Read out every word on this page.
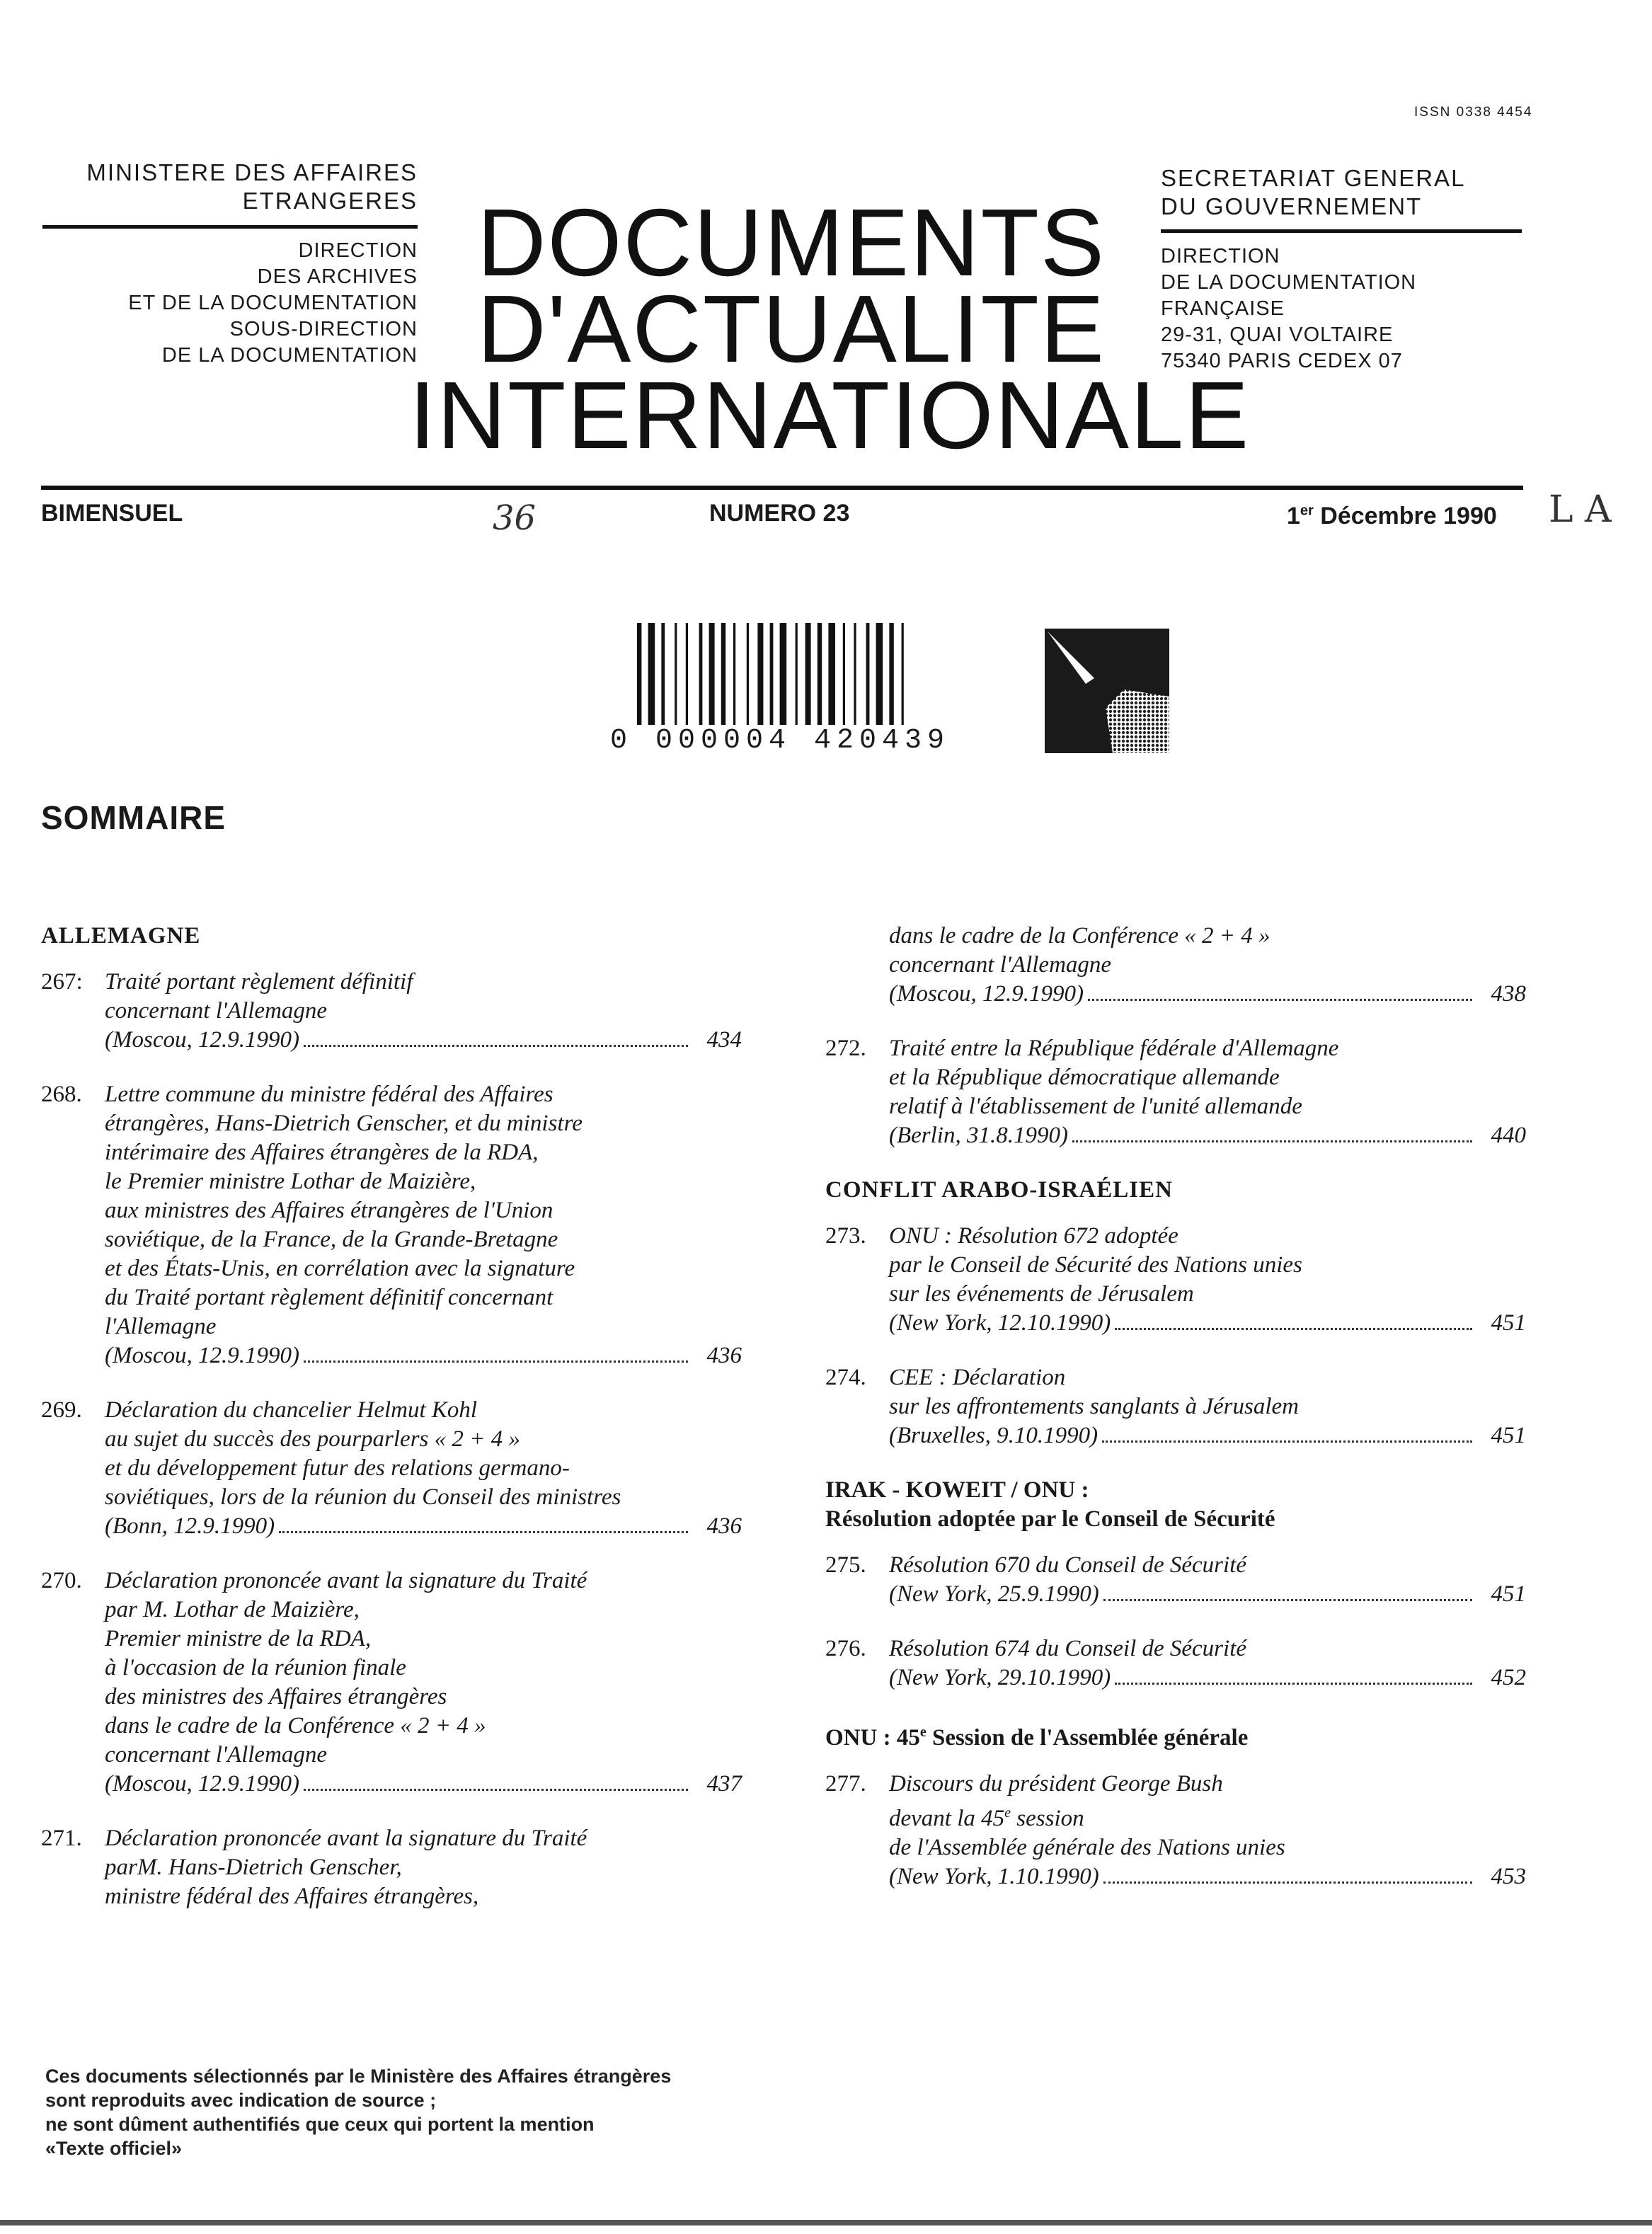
ISSN 0338 4454
MINISTERE DES AFFAIRES
ETRANGERES
DIRECTION
DES ARCHIVES
ET DE LA DOCUMENTATION
SOUS-DIRECTION
DE LA DOCUMENTATION
DOCUMENTS
D'ACTUALITE
INTERNATIONALE
SECRETARIAT GENERAL
DU GOUVERNEMENT
DIRECTION
DE LA DOCUMENTATION
FRANÇAISE
29-31, QUAI VOLTAIRE
75340 PARIS CEDEX 07
BIMENSUEL	36	NUMERO 23	1er Décembre 1990 L A
0 000004 420439
SOMMAIRE
ALLEMAGNE
267: Traité portant règlement définitif
concernant l'Allemagne
(Moscou, 12.9.1990)	434
268. Lettre commune du ministre fédéral des Affaires
étrangères, Hans-Dietrich Genscher, et du ministre
intérimaire des Affaires étrangères de la RDA,
le Premier ministre Lothar de Maizière,
aux ministres des Affaires étrangères de l'Union
soviétique, de la France, de la Grande-Bretagne
et des États-Unis, en corrélation avec la signature
du Traité portant règlement définitif concernant
l'Allemagne
(Moscou, 12.9.1990)	436
269. Déclaration du chancelier Helmut Kohl
au sujet du succès des pourparlers « 2 + 4 »
et du développement futur des relations germano-
soviétiques, lors de la réunion du Conseil des ministres
(Bonn, 12.9.1990)	436
270. Déclaration prononcée avant la signature du Traité
par M. Lothar de Maizière,
Premier ministre de la RDA,
à l'occasion de la réunion finale
des ministres des Affaires étrangères
dans le cadre de la Conférence « 2 + 4 »
concernant l'Allemagne
(Moscou, 12.9.1990)	437
271. Déclaration prononcée avant la signature du Traité
parM. Hans-Dietrich Genscher,
ministre fédéral des Affaires étrangères,
dans le cadre de la Conférence « 2 + 4 »
concernant l'Allemagne
(Moscou, 12.9.1990)	438
272. Traité entre la République fédérale d'Allemagne
et la République démocratique allemande
relatif à l'établissement de l'unité allemande
(Berlin, 31.8.1990)	440
CONFLIT ARABO-ISRAÉLIEN
273. ONU : Résolution 672 adoptée
par le Conseil de Sécurité des Nations unies
sur les événements de Jérusalem
(New York, 12.10.1990)	451
274. CEE : Déclaration
sur les affrontements sanglants à Jérusalem
(Bruxelles, 9.10.1990)	451
IRAK - KOWEIT / ONU :
Résolution adoptée par le Conseil de Sécurité
275. Résolution 670 du Conseil de Sécurité
(New York, 25.9.1990)	451
276. Résolution 674 du Conseil de Sécurité
(New York, 29.10.1990)	452
ONU : 45e Session de l'Assemblée générale
277. Discours du président George Bush
devant la 45e session
de l'Assemblée générale des Nations unies
(New York, 1.10.1990)	453
Ces documents sélectionnés par le Ministère des Affaires étrangères
sont reproduits avec indication de source ;
ne sont dûment authentifiés que ceux qui portent la mention
«Texte officiel»
